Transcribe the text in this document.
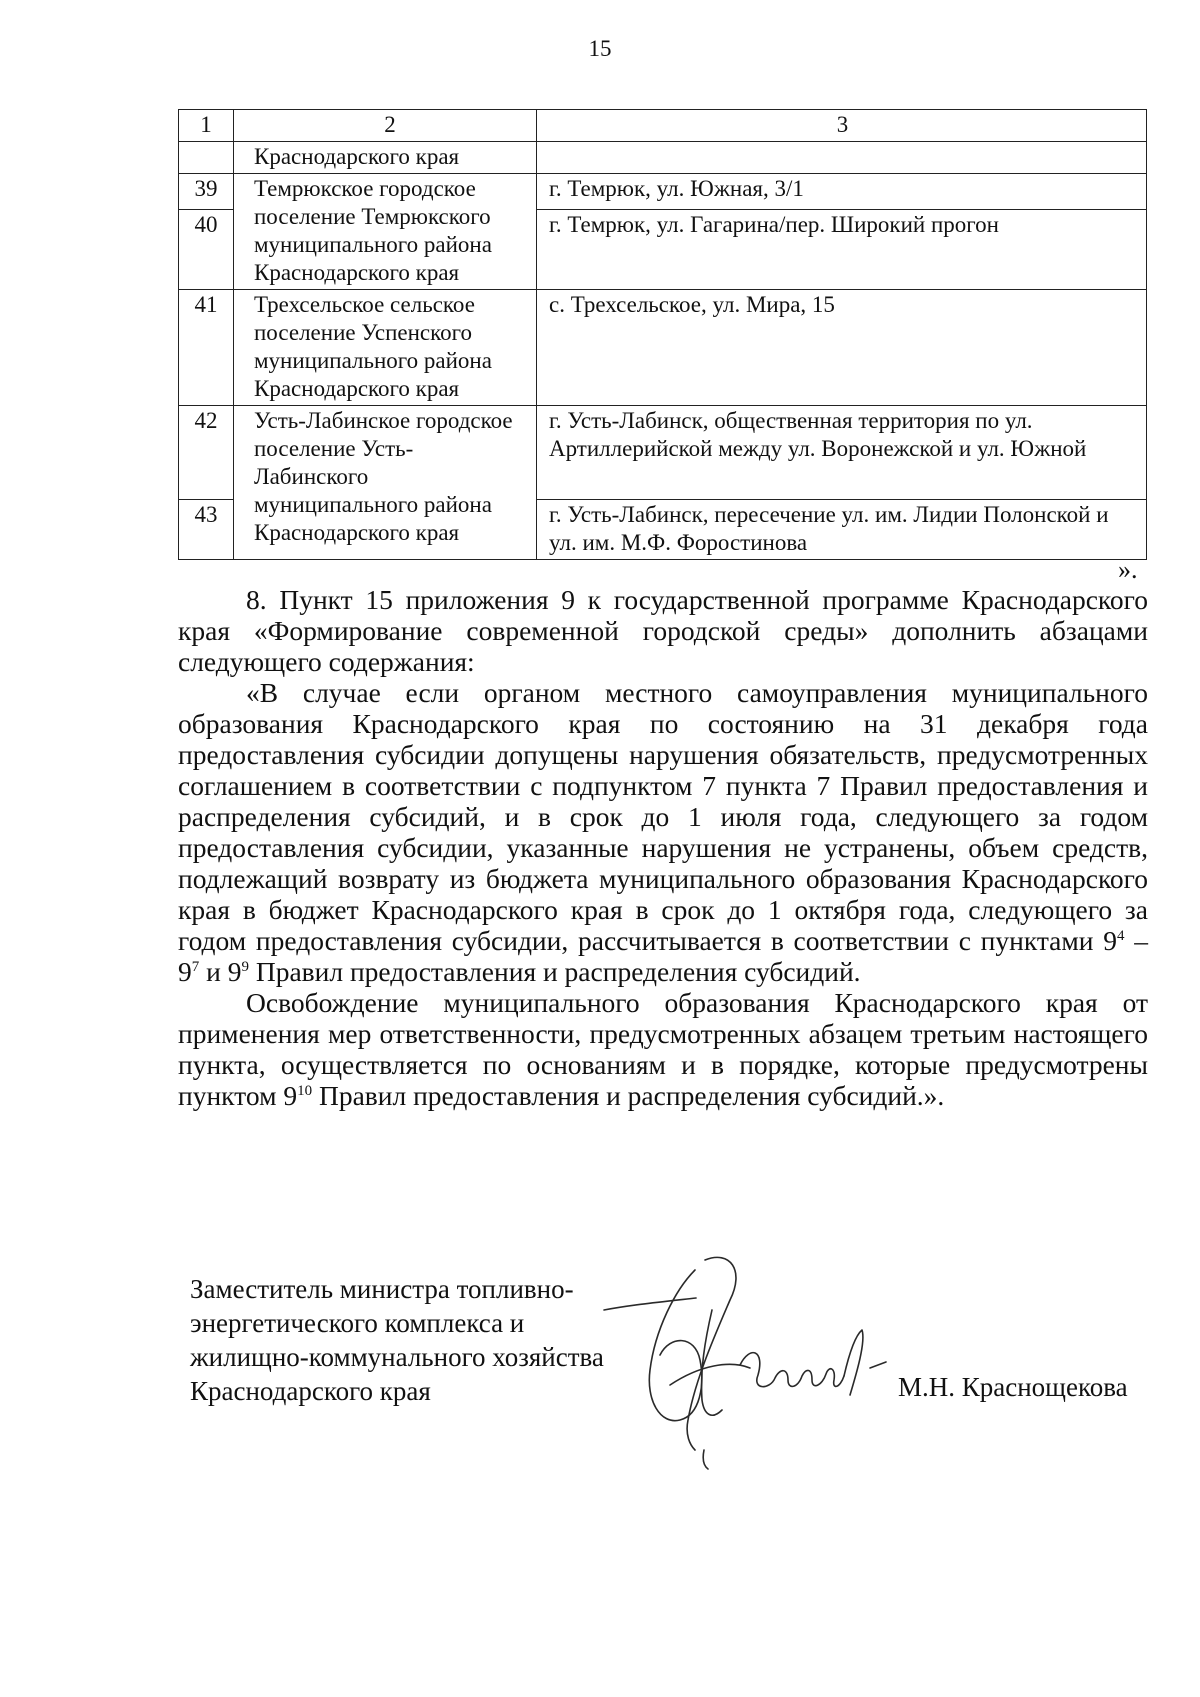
15
1	2	3
	Краснодарского края	
39	Темрюкское городское поселение Темрюкского муниципального района Краснодарского края	г. Темрюк, ул. Южная, 3/1
40		г. Темрюк, ул. Гагарина/пер. Широкий прогон
41	Трехсельское сельское поселение Успенского муниципального района Краснодарского края	с. Трехсельское, ул. Мира, 15
42	Усть-Лабинское городское поселение Усть-Лабинского муниципального района Краснодарского края	г. Усть-Лабинск, общественная территория по ул. Артиллерийской между ул. Воронежской и ул. Южной
43		г. Усть-Лабинск, пересечение ул. им. Лидии Полонской и ул. им. М.Ф. Форостинова
».

8. Пункт 15 приложения 9 к государственной программе Краснодарского края «Формирование современной городской среды» дополнить абзацами следующего содержания:

«В случае если органом местного самоуправления муниципального образования Краснодарского края по состоянию на 31 декабря года предоставления субсидии допущены нарушения обязательств, предусмотренных соглашением в соответствии с подпунктом 7 пункта 7 Правил предоставления и распределения субсидий, и в срок до 1 июля года, следующего за годом предоставления субсидии, указанные нарушения не устранены, объем средств, подлежащий возврату из бюджета муниципального образования Краснодарского края в бюджет Краснодарского края в срок до 1 октября года, следующего за годом предоставления субсидии, рассчитывается в соответствии с пунктами $9^4 - 9^7$ и $9^9$ Правил предоставления и распределения субсидий.

Освобождение муниципального образования Краснодарского края от применения мер ответственности, предусмотренных абзацем третьим настоящего пункта, осуществляется по основаниям и в порядке, которые предусмотрены пунктом $9^{10}$ Правил предоставления и распределения субсидий.».

Заместитель министра топливно-
энергетического комплекса и
жилищно-коммунального хозяйства
Краснодарского края	М.Н. Краснощекова
